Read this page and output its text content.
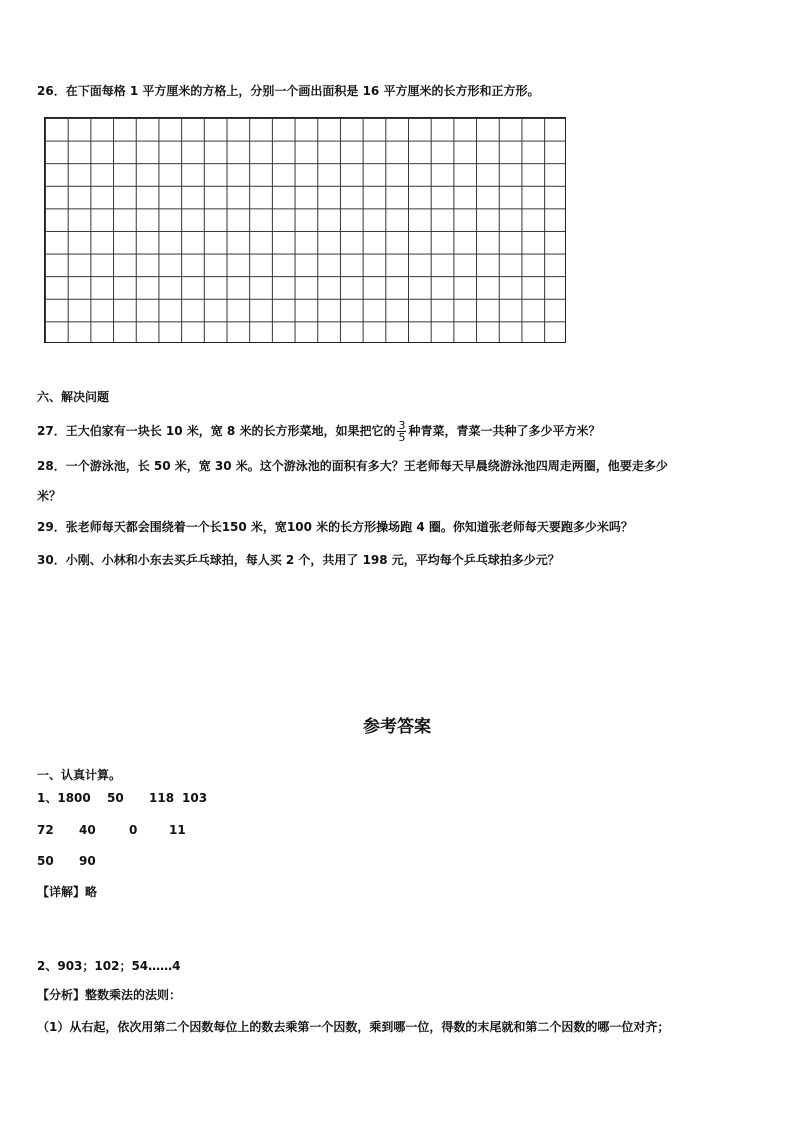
26．在下面每格 1 平方厘米的方格上，分别一个画出面积是 16 平方厘米的长方形和正方形。
六、解决问题
27．王大伯家有一块长 10 米，宽 8 米的长方形菜地，如果把它的 $\frac{3}{5}$ 种青菜，青菜一共种了多少平方米？
28．一个游泳池，长 50 米，宽 30 米。这个游泳池的面积有多大？王老师每天早晨绕游泳池四周走两圈，他要走多少
米？
29．张老师每天都会围绕着一个长150 米，宽100 米的长方形操场跑 4 圈。你知道张老师每天要跑多少米吗？
30．小刚、小林和小东去买乒乓球拍，每人买 2 个，共用了 198 元，平均每个乒乓球拍多少元？
参考答案
一、认真计算。
1、1800 50 118 103
72 40	0	11
50 90
【详解】略
2、903；102；54……4
【分析】整数乘法的法则：
（1）从右起，依次用第二个因数每位上的数去乘第一个因数，乘到哪一位，得数的末尾就和第二个因数的哪一位对齐；
